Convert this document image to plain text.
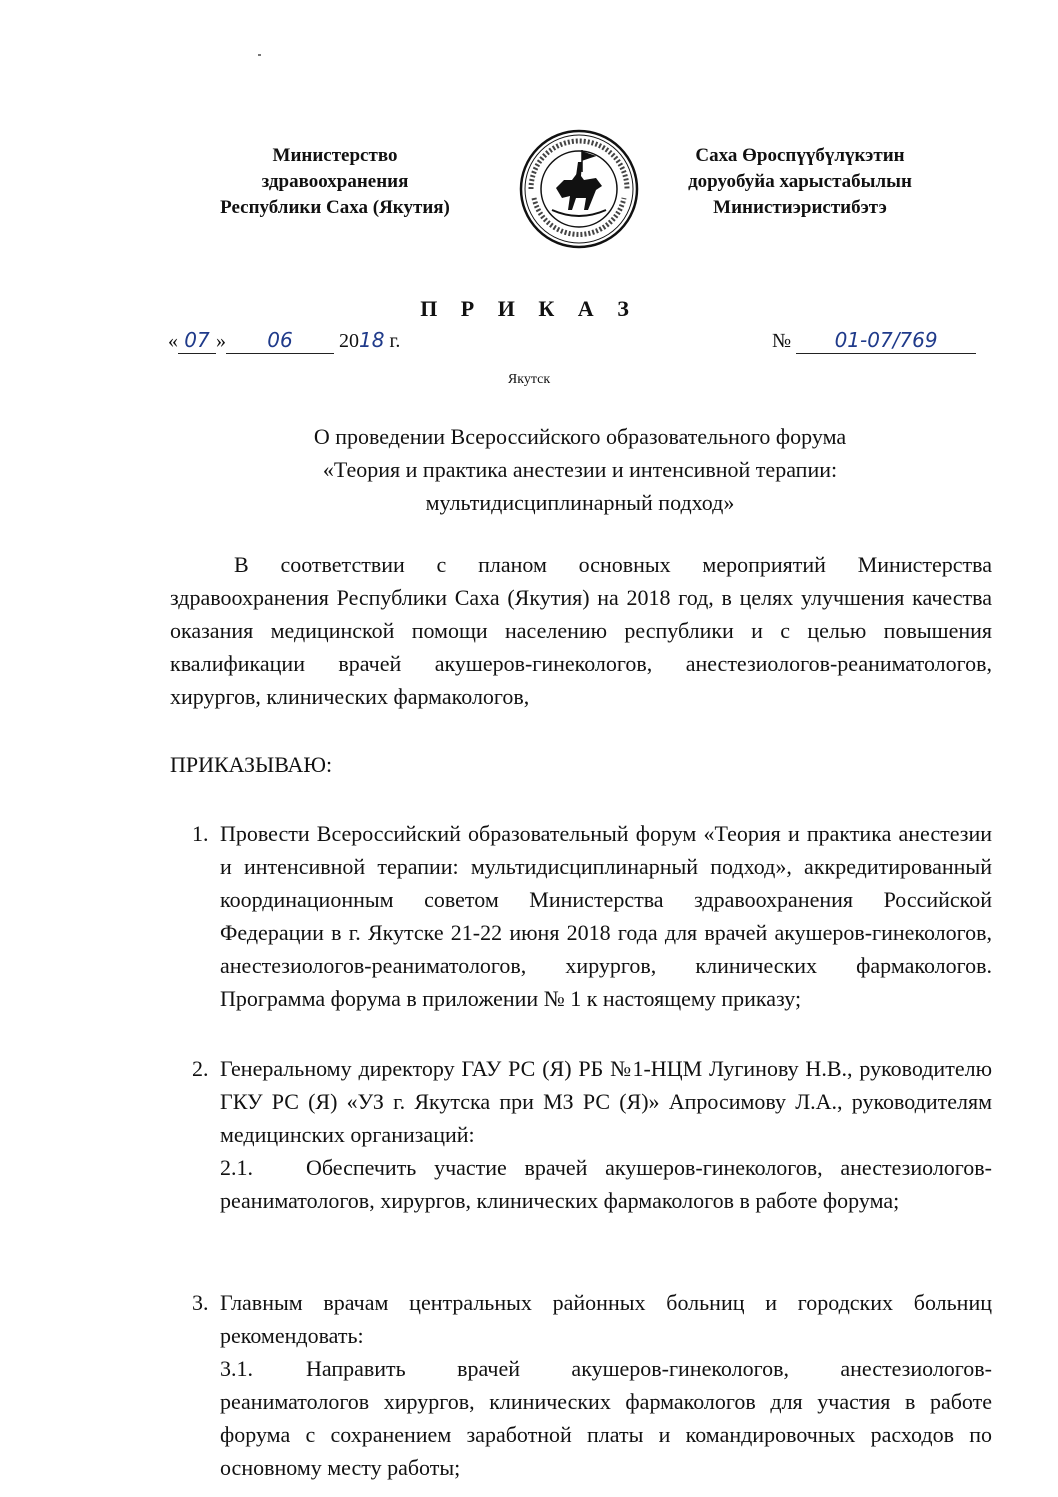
Министерство
здравоохранения
Республики Саха (Якутия)
Саха Өроспүүбүлүкэтин
доруобуйа харыстабылын
Министиэристибэтэ
П Р И К А З
« 07 » 06 2018 г.	№ 01-07/769
Якутск
О проведении Всероссийского образовательного форума
«Теория и практика анестезии и интенсивной терапии:
мультидисциплинарный подход»
В соответствии с планом основных мероприятий Министерства здравоохранения Республики Саха (Якутия) на 2018 год, в целях улучшения качества оказания медицинской помощи населению республики и с целью повышения квалификации врачей акушеров-гинекологов, анестезиологов-реаниматологов, хирургов, клинических фармакологов,
ПРИКАЗЫВАЮ:
1. Провести Всероссийский образовательный форум «Теория и практика анестезии и интенсивной терапии: мультидисциплинарный подход», аккредитированный координационным советом Министерства здравоохранения Российской Федерации в г. Якутске 21-22 июня 2018 года для врачей акушеров-гинекологов, анестезиологов-реаниматологов, хирургов, клинических фармакологов. Программа форума в приложении № 1 к настоящему приказу;
2. Генеральному директору ГАУ РС (Я) РБ №1-НЦМ Лугинову Н.В., руководителю ГКУ РС (Я) «УЗ г. Якутска при МЗ РС (Я)» Апросимову Л.А., руководителям медицинских организаций:
2.1. Обеспечить участие врачей акушеров-гинекологов, анестезиологов-реаниматологов, хирургов, клинических фармакологов в работе форума;
3. Главным врачам центральных районных больниц и городских больниц рекомендовать:
3.1. Направить врачей акушеров-гинекологов, анестезиологов-реаниматологов хирургов, клинических фармакологов для участия в работе форума с сохранением заработной платы и командировочных расходов по основному месту работы;
